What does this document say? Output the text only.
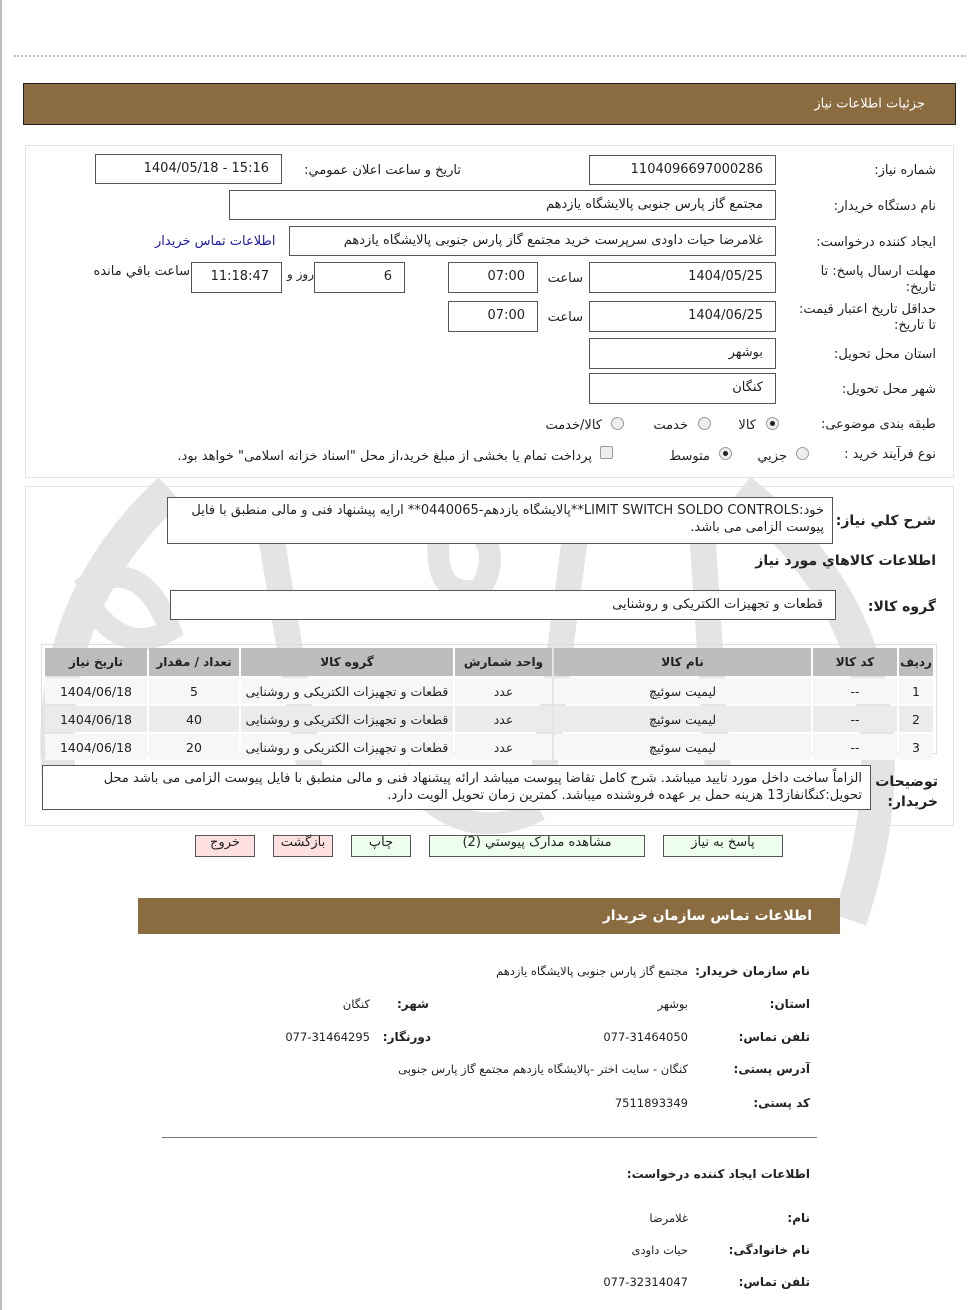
جزئیات اطلاعات نیاز
شماره نیاز:
1104096697000286
تاریخ و ساعت اعلان عمومي:
1404/05/18 - 15:16
نام دستگاه خریدار:
مجتمع گاز پارس جنوبی پالایشگاه یازدهم
ایجاد کننده درخواست:
غلامرضا حیات داودی سرپرست خرید مجتمع گاز پارس جنوبی پالایشگاه یازدهم
اطلاعات تماس خریدار
مهلت ارسال پاسخ: تا
تاریخ:
1404/05/25
ساعت
07:00
6
روز و
11:18:47
ساعت باقي مانده
حداقل تاریخ اعتبار قیمت:
تا تاریخ:
1404/06/25
ساعت
07:00
استان محل تحویل:
بوشهر
شهر محل تحویل:
کنگان
طبقه بندی موضوعی:
کالا
خدمت
کالا/خدمت
نوع فرآیند خرید :
جزیي
متوسط
پرداخت تمام یا بخشی از مبلغ خرید،از محل "اسناد خزانه اسلامی" خواهد بود.
شرح کلي نیاز:
خ‍‍ود:LIMIT SWITCH SOLDO CONTROLS**پالایشگاه یازدهم-0440065** ارایه پیشنهاد فنی و مالی منطبق با فایل پیوست الزامی می باشد.
اطلاعات کالاهاي مورد نیاز
گروه کالا:
قطعات و تجهیزات الکتریکی و روشنایی
ردیف	کد کالا	نام کالا	واحد شمارش	گروه کالا	تعداد / مقدار	تاریخ نیاز
1	--	لیمیت سوئیچ	عدد	قطعات و تجهیزات الکتریکی و روشنایی	5	1404/06/18
2	--	لیمیت سوئیچ	عدد	قطعات و تجهیزات الکتریکی و روشنایی	40	1404/06/18
3	--	لیمیت سوئیچ	عدد	قطعات و تجهیزات الکتریکی و روشنایی	20	1404/06/18
توضیحات
خریدار:
الزاماً ساخت داخل مورد تایید میباشد. شرح کامل تقاضا پیوست میباشد ارائه پیشنهاد فنی و مالی منطبق با فایل پیوست الزامی می باشد محل تحویل:کنگانفاز13 هزینه حمل بر عهده فروشنده میباشد. کمترین زمان تحویل الویت دارد.
پاسخ به نیاز
مشاهده مدارک پیوستي (2)
چاپ
بازگشت
خروج
اطلاعات تماس سازمان خریدار
نام سازمان خریدار:
مجتمع گاز پارس جنوبی پالایشگاه یازدهم
استان:
بوشهر
شهر:
کنگان
تلفن تماس:
077-31464050
دورنگار:
077-31464295
آدرس پستی:
کنگان - سایت اختر -پالایشگاه یازدهم مجتمع گاز پارس جنوبی
کد پستی:
7511893349
اطلاعات ایجاد کننده درخواست:
نام:
غلامرضا
نام خانوادگی:
حیات داودی
تلفن تماس:
077-32314047
